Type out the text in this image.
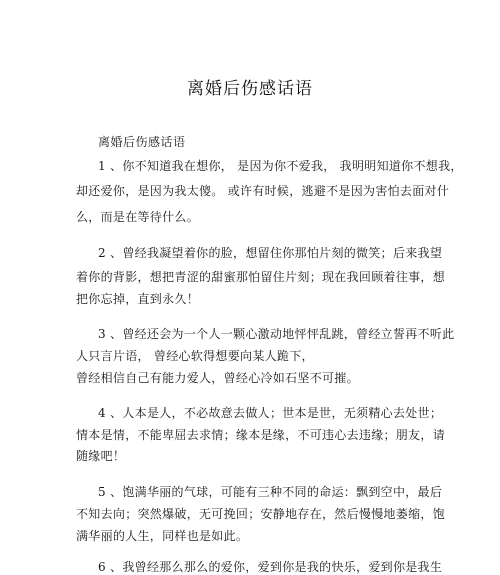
离婚后伤感话语

离婚后伤感话语

1 、你不知道我在想你， 是因为你不爱我， 我明明知道你不想我，

却还爱你，是因为我太傻。 或许有时候，逃避不是因为害怕去面对什

么，而是在等待什么。

2 、曾经我凝望着你的脸，想留住你那怕片刻的微笑；后来我望

着你的背影，想把青涩的甜蜜那怕留住片刻；现在我回顾着往事，想

把你忘掉，直到永久！

3 、曾经还会为一个人一颗心激动地怦怦乱跳，曾经立誓再不听此

人只言片语， 曾经心软得想要向某人跪下，

曾经相信自己有能力爱人，曾经心冷如石坚不可摧。

4 、人本是人，不必故意去做人；世本是世，无须精心去处世；

情本是情，不能卑屈去求情；缘本是缘，不可违心去违缘；朋友，请

随缘吧！

5 、饱满华丽的气球，可能有三种不同的命运：飘到空中，最后

不知去向；突然爆破，无可挽回；安静地存在，然后慢慢地萎缩，饱

满华丽的人生，同样也是如此。

6 、我曾经那么那么的爱你，爱到你是我的快乐，爱到你是我生
